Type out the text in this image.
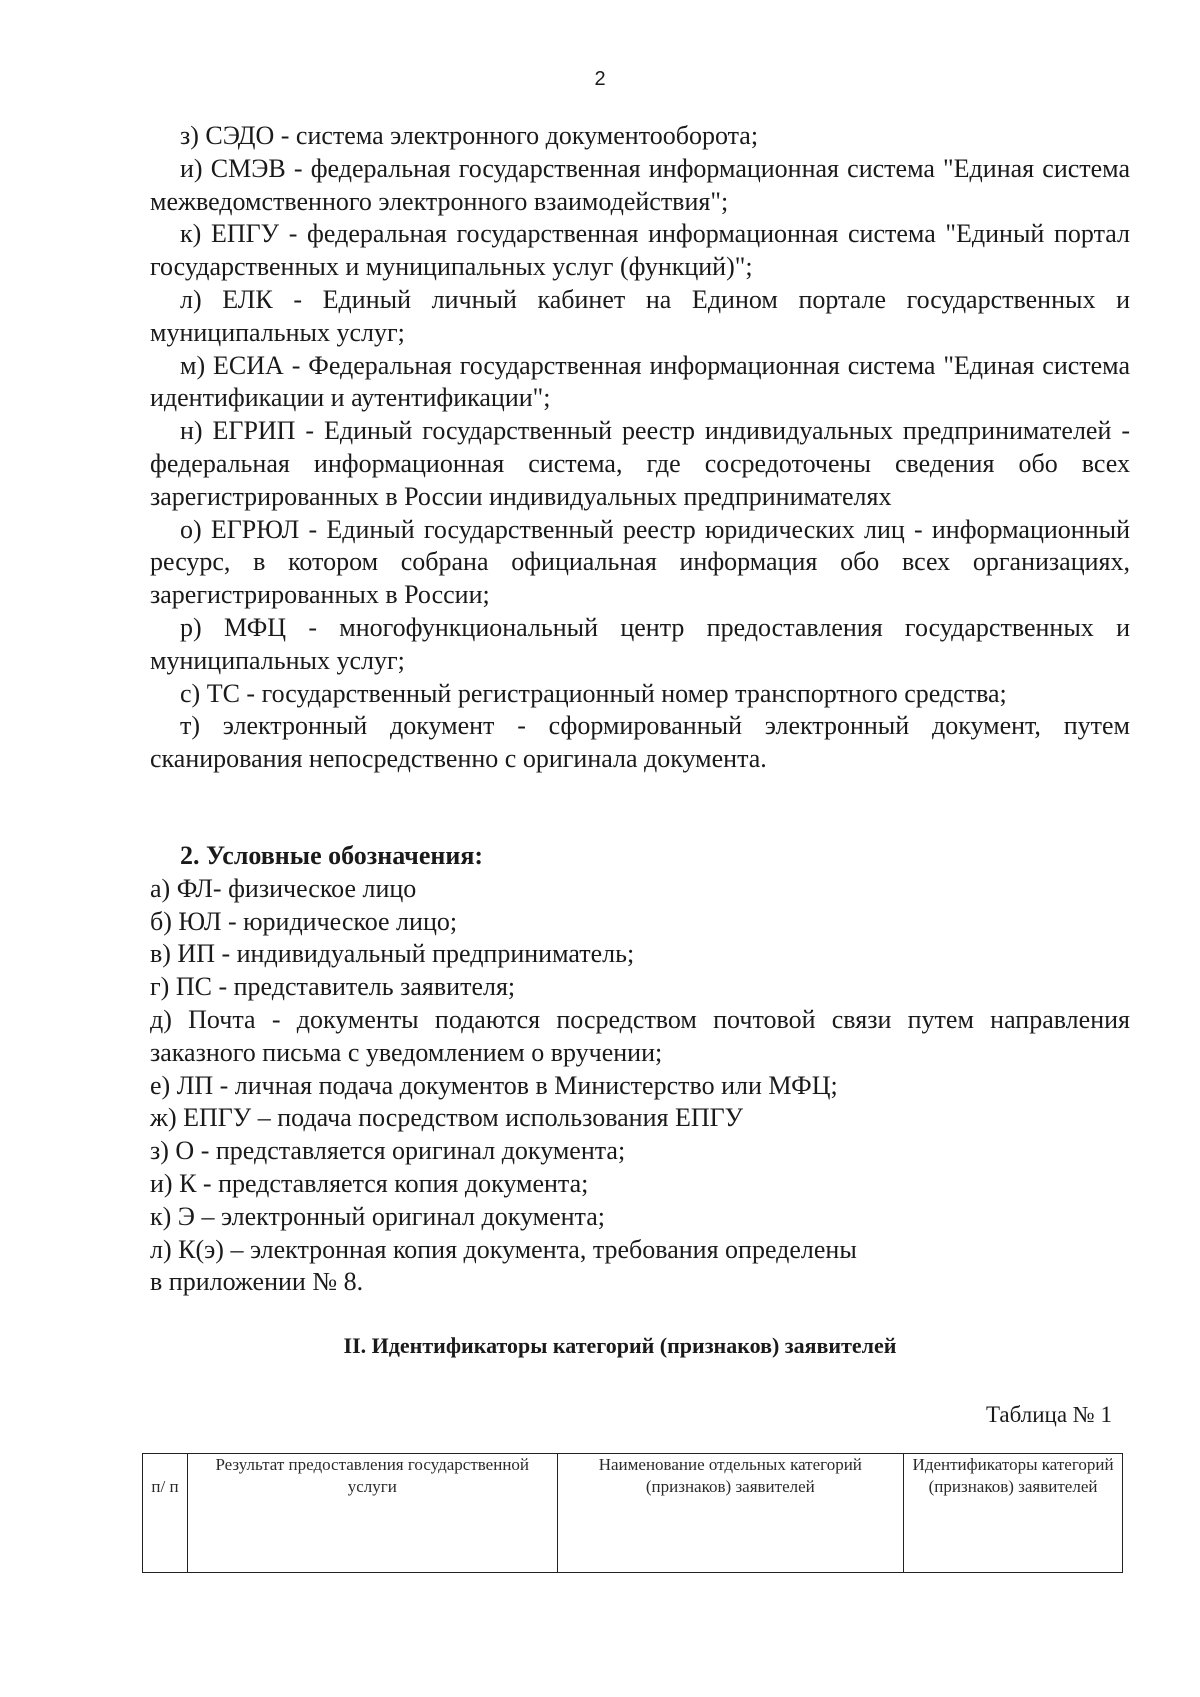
2

з) СЭДО - система электронного документооборота;

и) СМЭВ - федеральная государственная информационная система "Единая система межведомственного электронного взаимодействия";

к) ЕПГУ - федеральная государственная информационная система "Единый портал государственных и муниципальных услуг (функций)";

л) ЕЛК - Единый личный кабинет на Едином портале государственных и муниципальных услуг;

м) ЕСИА - Федеральная государственная информационная система "Единая система идентификации и аутентификации";

н) ЕГРИП - Единый государственный реестр индивидуальных предпринимателей - федеральная информационная система, где сосредоточены сведения обо всех зарегистрированных в России индивидуальных предпринимателях

о) ЕГРЮЛ - Единый государственный реестр юридических лиц - информационный ресурс, в котором собрана официальная информация обо всех организациях, зарегистрированных в России;

р) МФЦ - многофункциональный центр предоставления государственных и муниципальных услуг;

с) ТС - государственный регистрационный номер транспортного средства;

т) электронный документ - сформированный электронный документ, путем сканирования непосредственно с оригинала документа.

2. Условные обозначения:

а) ФЛ- физическое лицо

б) ЮЛ - юридическое лицо;

в) ИП - индивидуальный предприниматель;

г) ПС - представитель заявителя;

д) Почта - документы подаются посредством почтовой связи путем направления заказного письма с уведомлением о вручении;

е) ЛП - личная подача документов в Министерство или МФЦ;

ж) ЕПГУ – подача посредством использования ЕПГУ

з) О - представляется оригинал документа;

и) К - представляется копия документа;

к) Э – электронный оригинал документа;

л) К(э) – электронная копия документа, требования определены

в приложении № 8.

II. Идентификаторы категорий (признаков) заявителей
Таблица № 1
п/ п	Результат предоставления государственной услуги	Наименование отдельных категорий (признаков) заявителей	Идентификаторы категорий (признаков) заявителей
